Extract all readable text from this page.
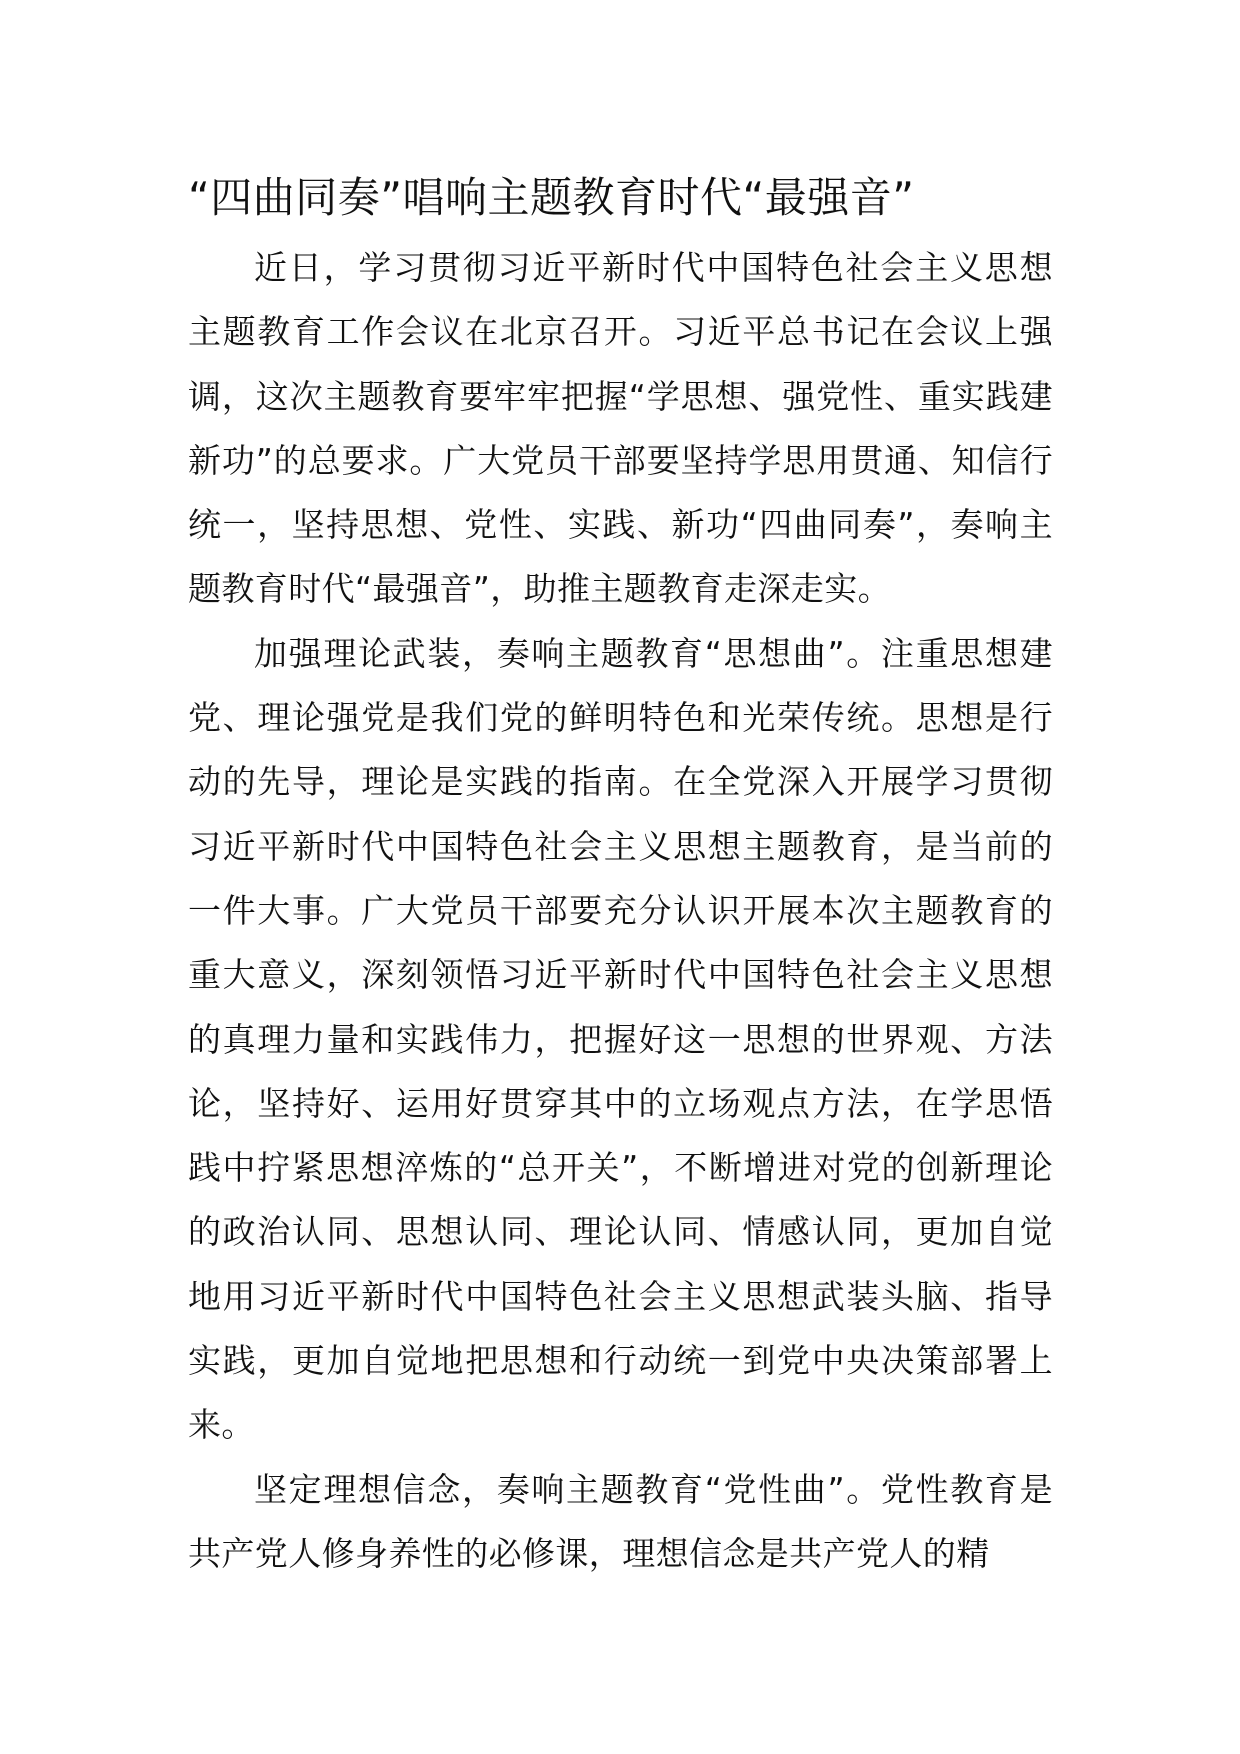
“四曲同奏”唱响主题教育时代“最强音”

近日，学习贯彻习近平新时代中国特色社会主义思想主题教育工作会议在北京召开。习近平总书记在会议上强调，这次主题教育要牢牢把握“学思想、强党性、重实践建新功”的总要求。广大党员干部要坚持学思用贯通、知信行统一，坚持思想、党性、实践、新功“四曲同奏”，奏响主题教育时代“最强音”，助推主题教育走深走实。

加强理论武装，奏响主题教育“思想曲”。注重思想建党、理论强党是我们党的鲜明特色和光荣传统。思想是行动的先导，理论是实践的指南。在全党深入开展学习贯彻习近平新时代中国特色社会主义思想主题教育，是当前的一件大事。广大党员干部要充分认识开展本次主题教育的重大意义，深刻领悟习近平新时代中国特色社会主义思想的真理力量和实践伟力，把握好这一思想的世界观、方法论，坚持好、运用好贯穿其中的立场观点方法，在学思悟践中拧紧思想淬炼的“总开关”，不断增进对党的创新理论的政治认同、思想认同、理论认同、情感认同，更加自觉地用习近平新时代中国特色社会主义思想武装头脑、指导实践，更加自觉地把思想和行动统一到党中央决策部署上来。

坚定理想信念，奏响主题教育“党性曲”。党性教育是共产党人修身养性的必修课，理想信念是共产党人的精
